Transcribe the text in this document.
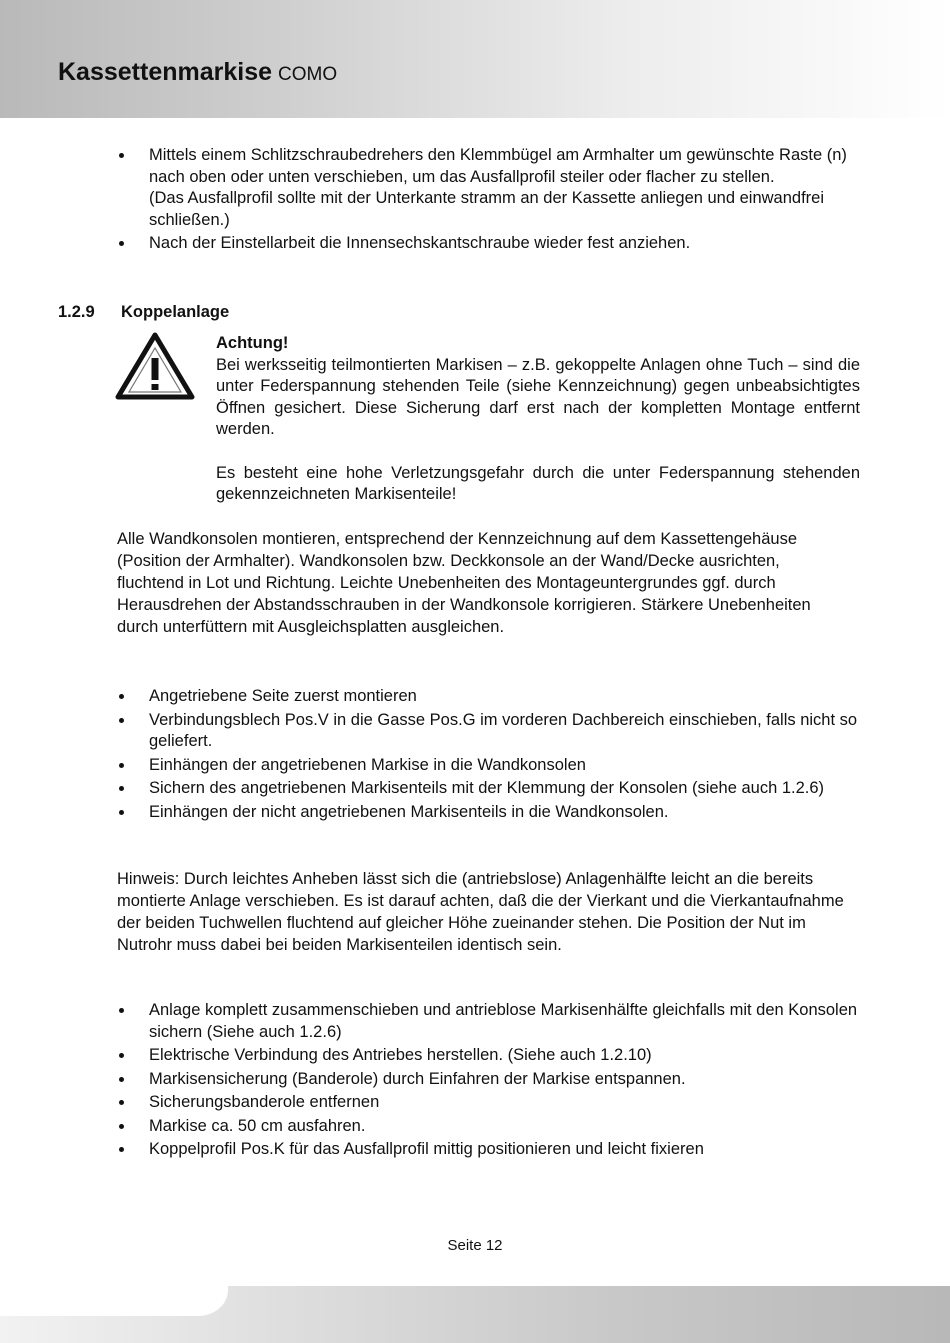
Kassettenmarkise COMO
Mittels einem Schlitzschraubedrehers den Klemmbügel am Armhalter um gewünschte Raste (n) nach oben oder unten verschieben, um das Ausfallprofil steiler oder flacher zu stellen.
(Das Ausfallprofil sollte mit der Unterkante stramm an der Kassette anliegen und einwandfrei schließen.)
Nach der Einstellarbeit die Innensechskantschraube wieder fest anziehen.
1.2.9 Koppelanlage
Achtung!

Bei werksseitig teilmontierten Markisen – z.B. gekoppelte Anlagen ohne Tuch – sind die unter Federspannung stehenden Teile (siehe Kennzeichnung) gegen unbeabsichtigtes Öffnen gesichert. Diese Sicherung darf erst nach der kompletten Montage entfernt werden.

Es besteht eine hohe Verletzungsgefahr durch die unter Federspannung stehenden gekennzeichneten Markisenteile!

Alle Wandkonsolen montieren, entsprechend der Kennzeichnung auf dem Kassettengehäuse (Position der Armhalter). Wandkonsolen bzw. Deckkonsole an der Wand/Decke ausrichten, fluchtend in Lot und Richtung. Leichte Unebenheiten des Montageuntergrundes ggf. durch Herausdrehen der Abstandsschrauben in der Wandkonsole korrigieren. Stärkere Unebenheiten durch unterfüttern mit Ausgleichsplatten ausgleichen.

Angetriebene Seite zuerst montieren
Verbindungsblech Pos.V in die Gasse Pos.G im vorderen Dachbereich einschieben, falls nicht so geliefert.
Einhängen der angetriebenen Markise in die Wandkonsolen
Sichern des angetriebenen Markisenteils mit der Klemmung der Konsolen (siehe auch 1.2.6)
Einhängen der nicht angetriebenen Markisenteils in die Wandkonsolen.

Hinweis: Durch leichtes Anheben lässt sich die (antriebslose) Anlagenhälfte leicht an die bereits montierte Anlage verschieben. Es ist darauf achten, daß die der Vierkant und die Vierkantaufnahme der beiden Tuchwellen fluchtend auf gleicher Höhe zueinander stehen. Die Position der Nut im Nutrohr muss dabei bei beiden Markisenteilen identisch sein.

Anlage komplett zusammenschieben und antrieblose Markisenhälfte gleichfalls mit den Konsolen sichern (Siehe auch 1.2.6)
Elektrische Verbindung des Antriebes herstellen. (Siehe auch 1.2.10)
Markisensicherung (Banderole) durch Einfahren der Markise entspannen.
Sicherungsbanderole entfernen
Markise ca. 50 cm ausfahren.
Koppelprofil Pos.K für das Ausfallprofil mittig positionieren und leicht fixieren
Seite 12
